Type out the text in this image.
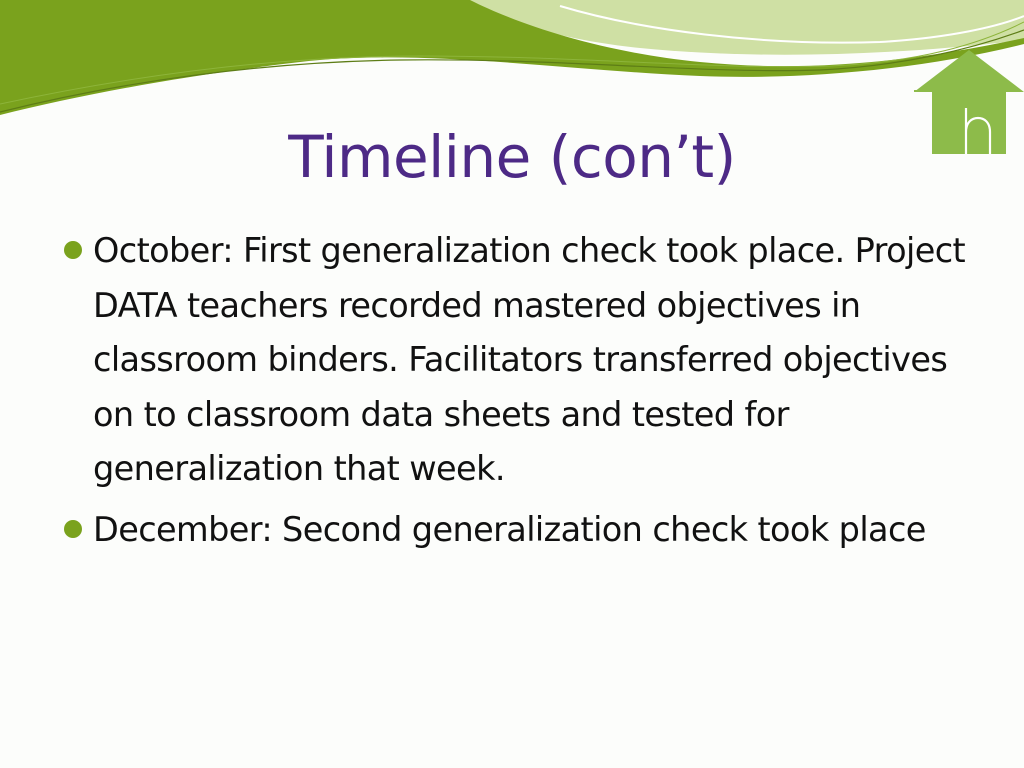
Timeline (con’t)
October: First generalization check took place. Project DATA teachers recorded mastered objectives in classroom binders. Facilitators transferred objectives on to classroom data sheets and tested for generalization that week.
December: Second generalization check took place
